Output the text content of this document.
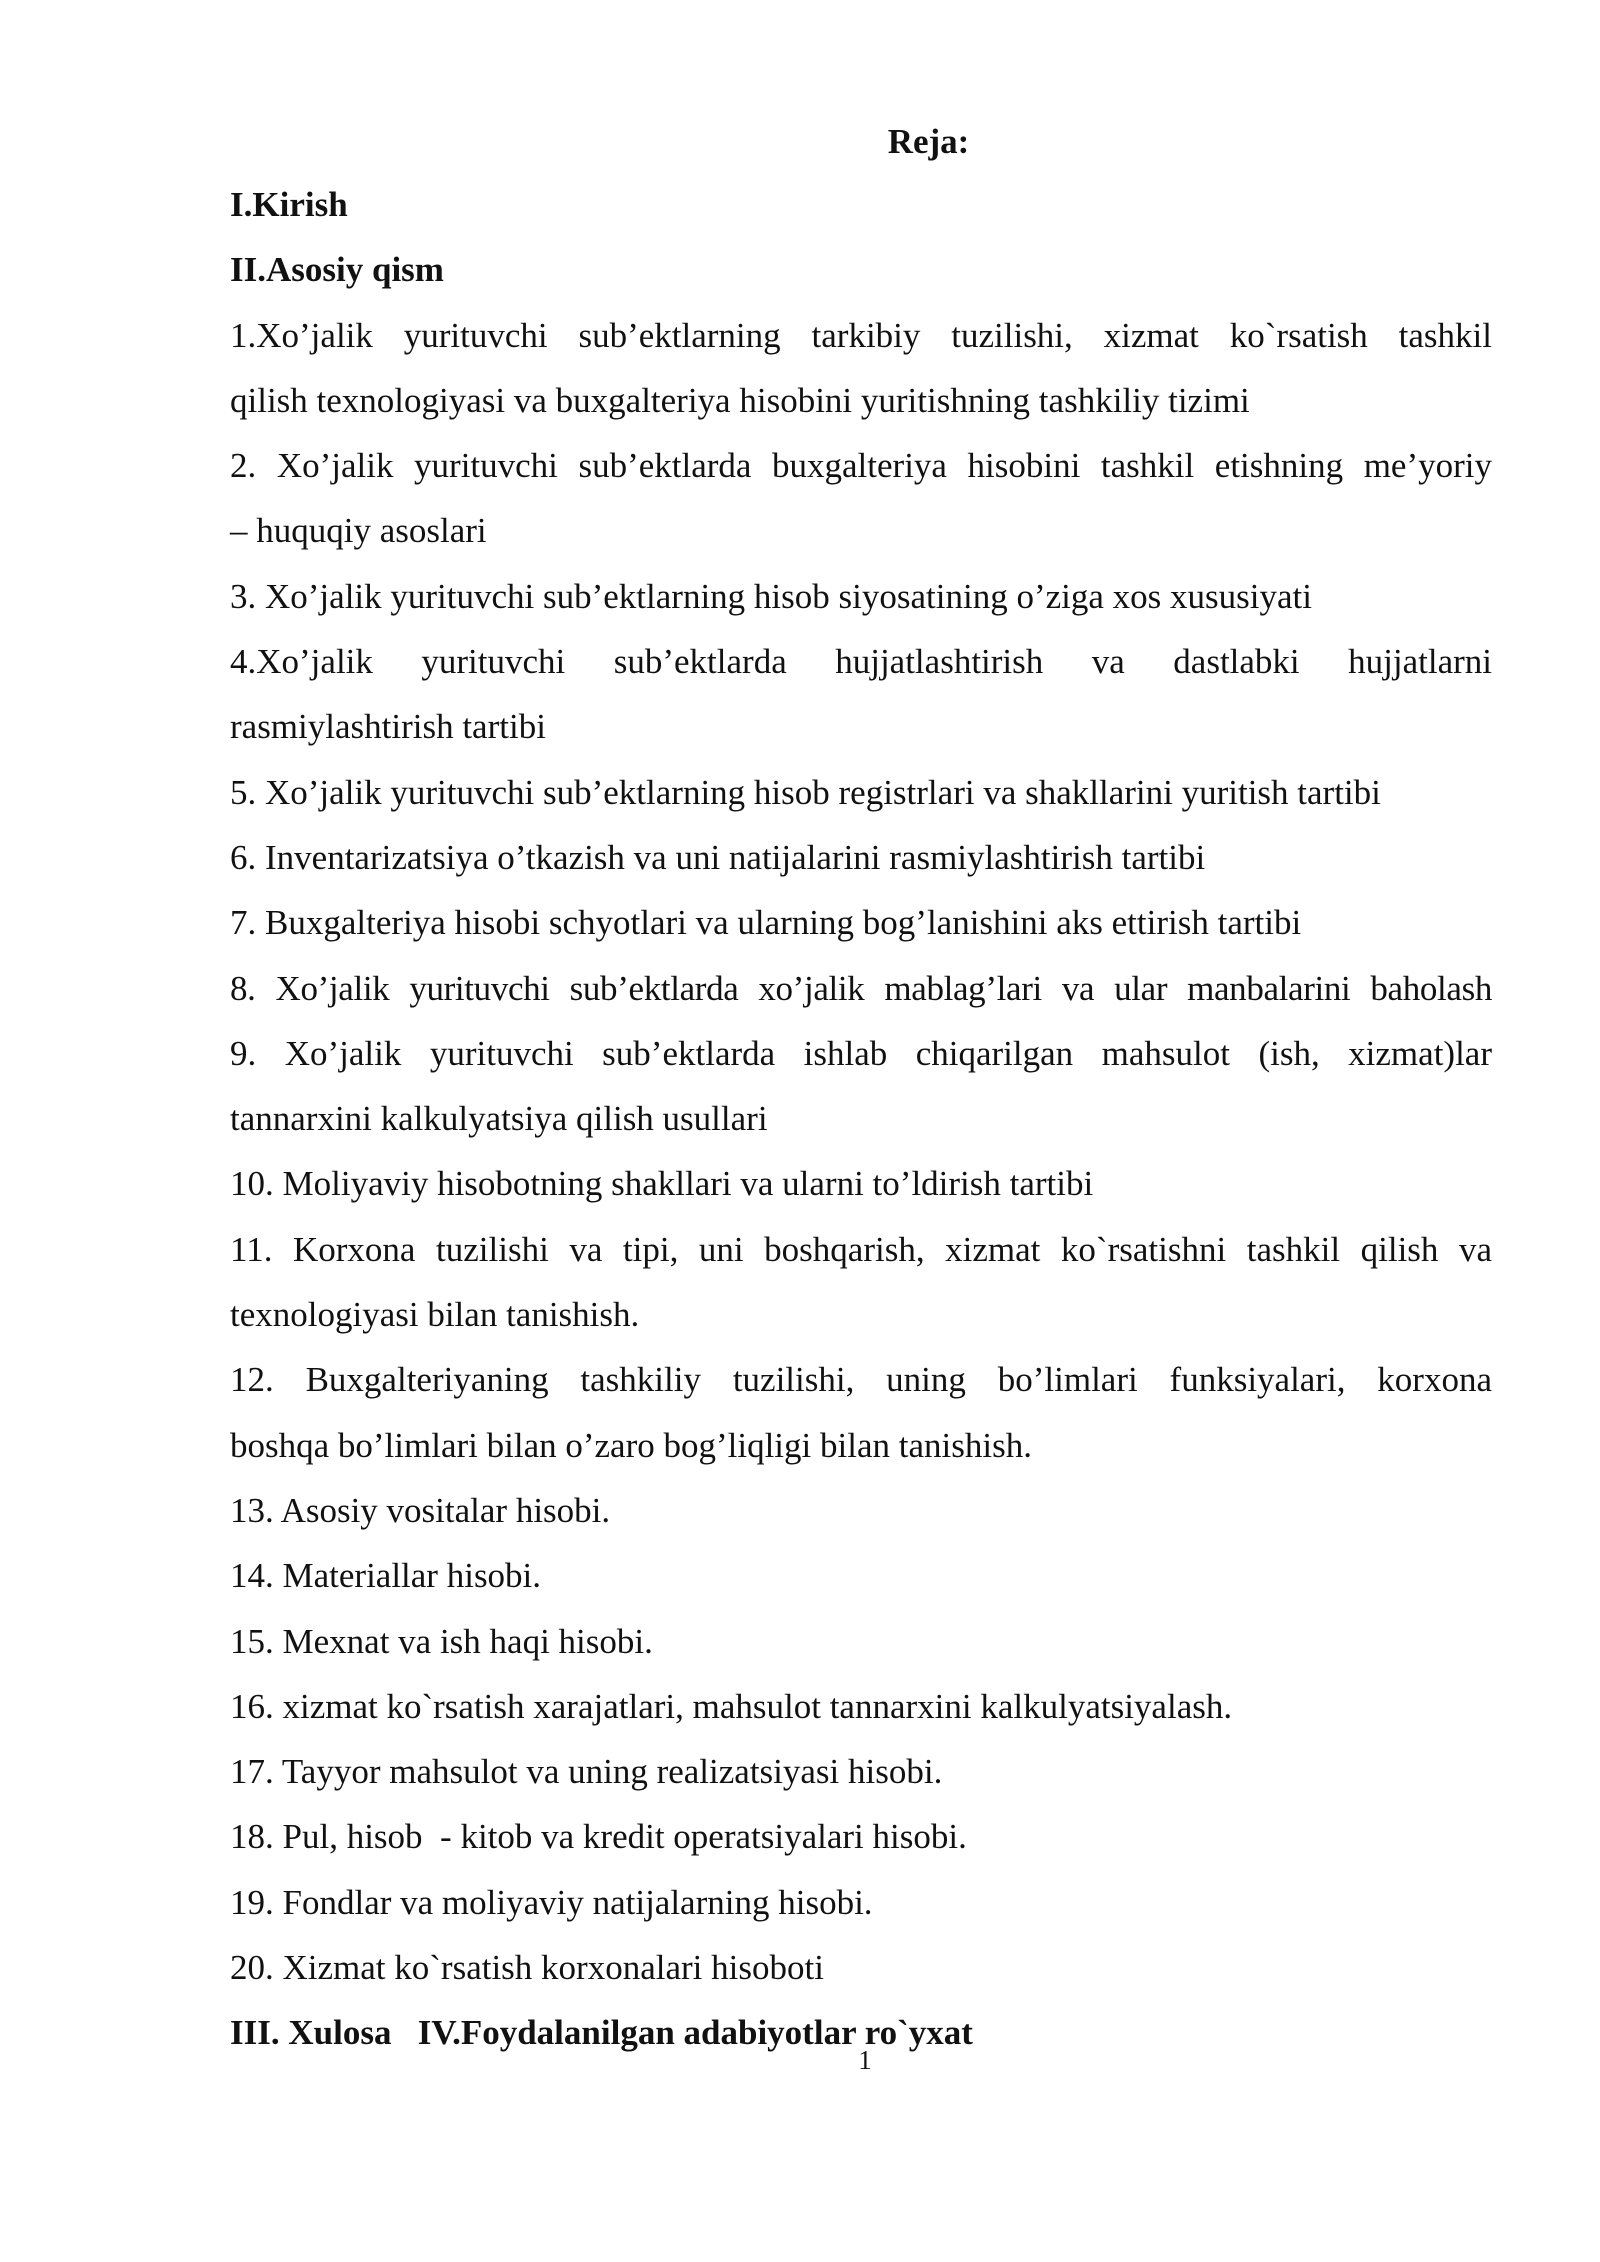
Reja:
I.Kirish
II.Asosiy qism
1.Xo’jalik yurituvchi sub’ektlarning tarkibiy tuzilishi, xizmat ko`rsatish tashkil
qilish texnologiyasi va buxgalteriya hisobini yuritishning tashkiliy tizimi
2. Xo’jalik yurituvchi sub’ektlarda buxgalteriya hisobini tashkil etishning me’yoriy
– huquqiy asoslari
3. Xo’jalik yurituvchi sub’ektlarning hisob siyosatining o’ziga xos xususiyati
4.Xo’jalik yurituvchi sub’ektlarda hujjatlashtirish va dastlabki hujjatlarni
rasmiylashtirish tartibi
5. Xo’jalik yurituvchi sub’ektlarning hisob registrlari va shakllarini yuritish tartibi
6. Inventarizatsiya o’tkazish va uni natijalarini rasmiylashtirish tartibi
7. Buxgalteriya hisobi schyotlari va ularning bog’lanishini aks ettirish tartibi
8. Xo’jalik yurituvchi sub’ektlarda xo’jalik mablag’lari va ular manbalarini baholash
9. Xo’jalik yurituvchi sub’ektlarda ishlab chiqarilgan mahsulot (ish, xizmat)lar
tannarxini kalkulyatsiya qilish usullari
10. Moliyaviy hisobotning shakllari va ularni to’ldirish tartibi
11. Korxona tuzilishi va tipi, uni boshqarish, xizmat ko`rsatishni tashkil qilish va
texnologiyasi bilan tanishish.
12. Buxgalteriyaning tashkiliy tuzilishi, uning bo’limlari funksiyalari, korxona
boshqa bo’limlari bilan o’zaro bog’liqligi bilan tanishish.
13. Asosiy vositalar hisobi.
14. Materiallar hisobi.
15. Mexnat va ish haqi hisobi.
16. xizmat ko`rsatish xarajatlari, mahsulot tannarxini kalkulyatsiyalash.
17. Tayyor mahsulot va uning realizatsiyasi hisobi.
18. Pul, hisob  - kitob va kredit operatsiyalari hisobi.
19. Fondlar va moliyaviy natijalarning hisobi.
20. Xizmat ko`rsatish korxonalari hisoboti
III. Xulosa   IV.Foydalanilgan adabiyotlar ro`yxat
1
